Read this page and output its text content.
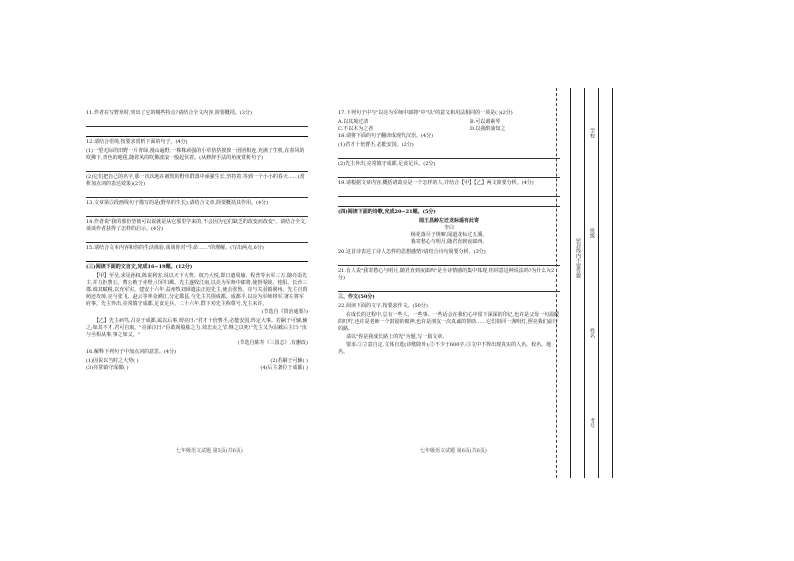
11.作者在写野草时,突出了它的哪些特点?请结合全文内容,简要概括。(3分)
12.请结合语境,按要求赏析下面的句子。(4分)
(1)一望无际的田野一片青绿,漫山遍野,一株株顽强的小草挤挤挨挨一团团相连,充满了生机,在春风的吹拂下,青色的地毯,随着风的吹拂波浪一般起伏着。(从修辞手法的角度赏析句子)
(2)它们把自己的名字,那一次次地在被毁的野草群落中顽强生长,坚持着,等到一个小小的春天……(赏析加点词的表达效果)(2分)
13.文章第⑤段画线句子描写的是(野草的生长),请结合文章,简要概括其作用。(4分)
14.作者说"我的那份坚韧可以说就是从它那里学来的,不会因为它们缺乏的改变而改变"。请结合全文,谈谈作者获得了怎样的启示。(4分)
15.请结合文本内容和你的生活体验,谈谈你对"生命……"的理解。(写出两点,6分)
(三)阅读下面的文言文,完成16~19题。(12分)
【甲】至吴,求见孙权,陈说利害,说以天下大势。权乃大悦,即日遣周瑜、程普等水军三万,随亮诣先主,并力拒曹公。曹公败于赤壁,引军归邺。先主遂收江南,以亮为军师中郎将,使督零陵、桂阳、长沙三郡,调其赋税,以充军实。建安十六年,益州牧刘璋遣法正迎先主,使击张鲁。亮与关羽镇荆州。先主自葭萌还攻璋,亮与张飞、赵云等率众溯江,分定郡县,与先主共围成都。成都平,以亮为军师将军,署左将军府事。先主外出,亮常镇守成都,足食足兵。二十六年,群下劝先主称尊号,先主未许。
(节选自《资治通鉴》)
【乙】先主病笃,召亮于成都,属以后事,谓亮曰:"君才十倍曹丕,必能安国,终定大事。若嗣子可辅,辅之;如其不才,君可自取。"亮涕泣曰:"臣敢竭股肱之力,效忠贞之节,继之以死!"先主又为诏敕后主曰:"汝与丞相从事,事之如父。"
(节选自陈寿《三国志》,有删改)
16.解释下列句子中加点词的意思。(4分)
(1)因说以当时之大势( )	(2)若嗣子可辅( )
(3)亮常镇守成都( )	(4)后主袭位于成都( )
七年级语文试题 第5页(共6页)
17.下列句子中与"以亮为军师中郎将"中"以"的意义和用法相同的一项是( )(2分)
A.以其境过清	B.可以调素琴
C.不以木为之者	D.以我酌油知之
18.请将下面的句子翻译成现代汉语。(4分)
(1)君才十倍曹丕,必能安国。(2分)
(2)先主外出,亮常镇守成都,足食足兵。(2分)
19.请根据文章内容,概括诸葛亮是一个怎样的人,并结合【甲】【乙】两文简要分析。(4分)
(四)阅读下面的诗歌,完成20~21题。(5分)
闻王昌龄左迁龙标遥有此寄
李白
杨花落尽子规啼,闻道龙标过五溪。
我寄愁心与明月,随君直到夜郎西。
20.这首诗表达了诗人怎样的思想感情?请结合诗句简要分析。(3分)
21.有人说"我寄愁心与明月,随君直到夜郎西"是全诗情感的集中体现,你同意这种说法吗?为什么?(2分)
三、作文(50分)
22.阅读下面的文字,按要求作文。(50分)
在成长的过程中,总有一些人、一些事、一些话会在我们心中留下深深的印记,也许是父母一句温暖的叮咛,也许是老师一个鼓励的眼神,也许是朋友一次真诚的帮助……它们如同一盏明灯,照亮我们前行的路。
请以"你是我成长路上的光"为题,写一篇文章。
要求:①立意自定,文体自选(诗歌除外);②不少于600字;③文中不得出现真实的人名、校名、地名。
七年级语文试题 第6页(共6页)
密封线内不要答题
学校
班级
姓名
考号
